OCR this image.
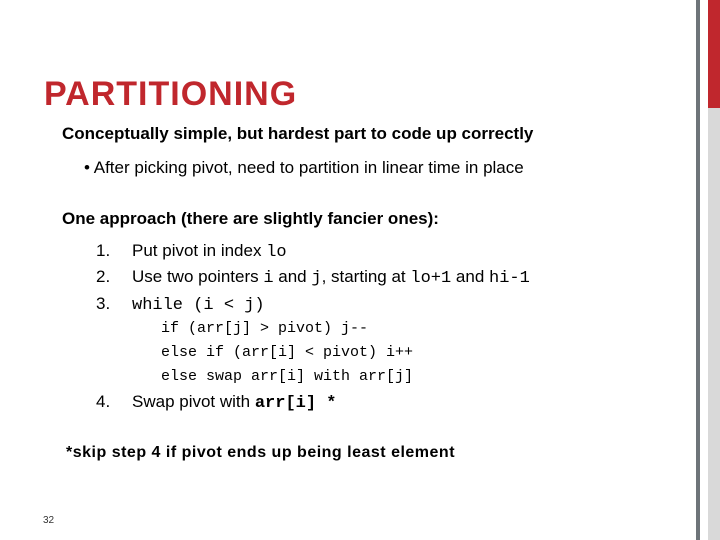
PARTITIONING
Conceptually simple, but hardest part to code up correctly
• After picking pivot, need to partition in linear time in place
One approach (there are slightly fancier ones):
1. Put pivot in index lo
2. Use two pointers i and j, starting at lo+1 and hi-1
3. while (i < j)
if (arr[j] > pivot) j--
else if (arr[i] < pivot) i++
else swap arr[i] with arr[j]
4. Swap pivot with arr[i] *
*skip step 4 if pivot ends up being least element
32
